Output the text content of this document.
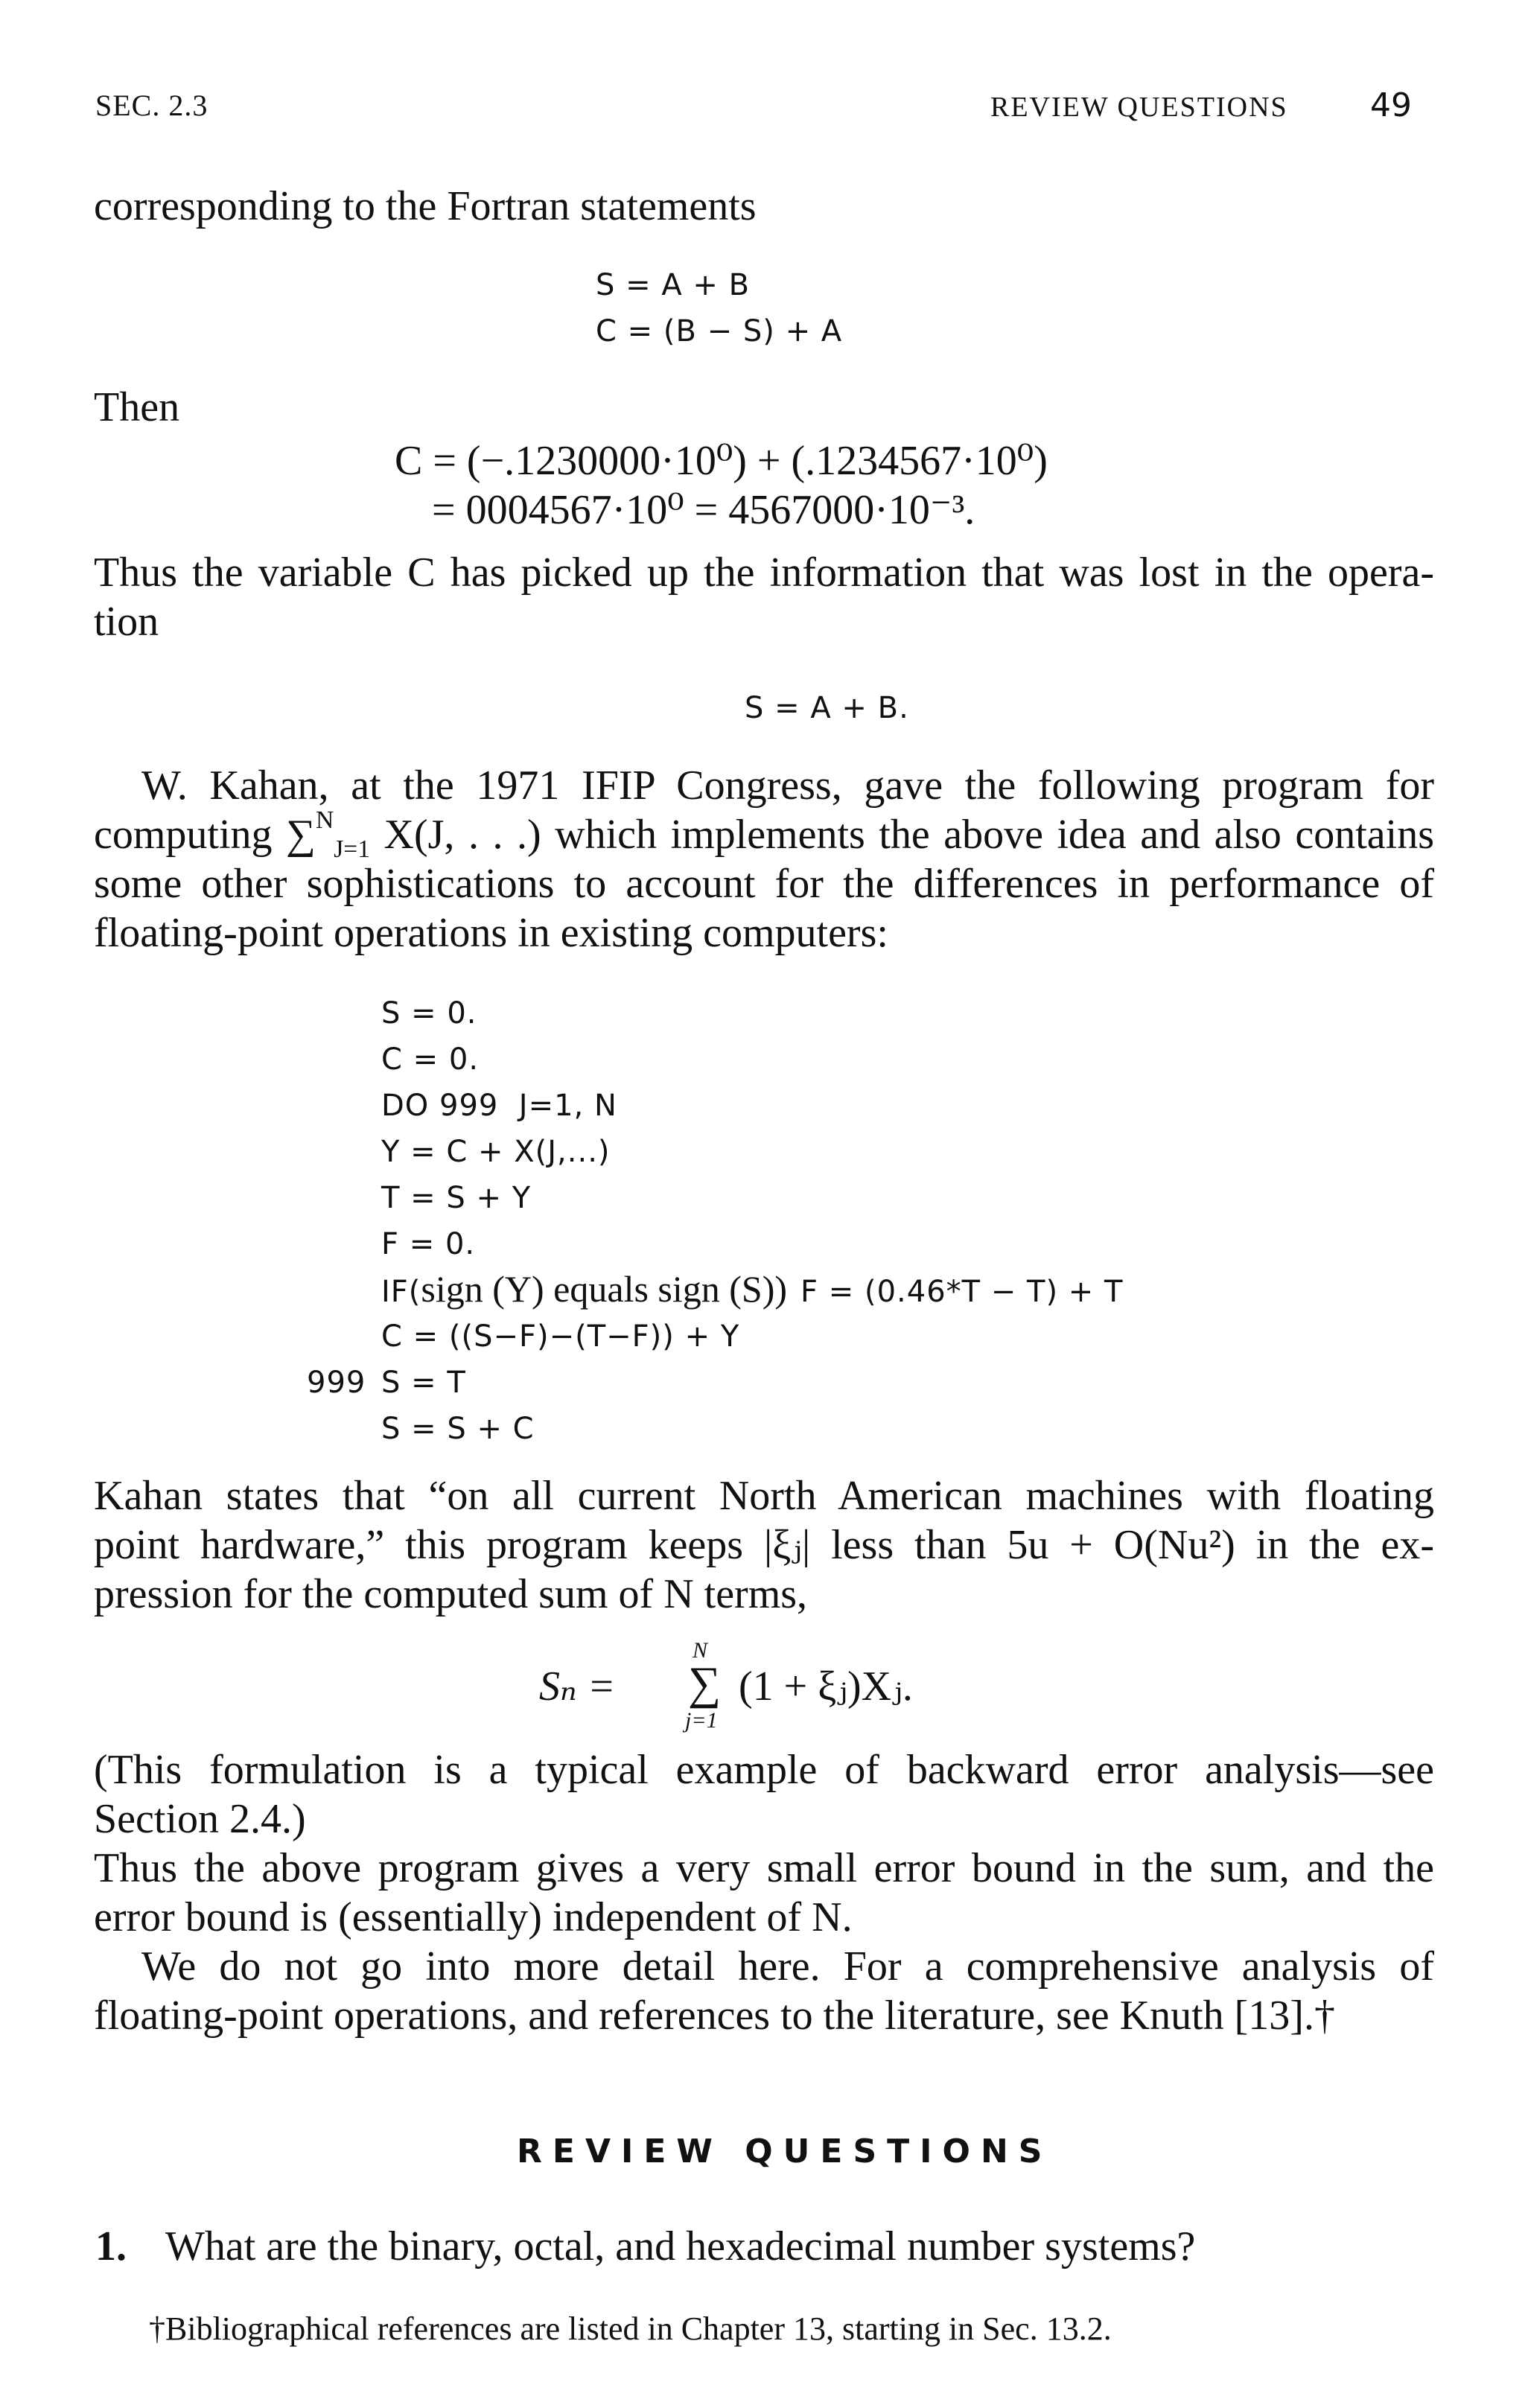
SEC. 2.3	REVIEW QUESTIONS	49
corresponding to the Fortran statements
S = A + B
C = (B − S) + A
Then
C = (−.1230000·10⁰) + (.1234567·10⁰)
= 0004567·10⁰ = 4567000·10⁻³.
Thus the variable C has picked up the information that was lost in the opera-
tion
S = A + B.
W. Kahan, at the 1971 IFIP Congress, gave the following program for
computing ∑$^N_{J=1}$ X(J, . . .) which implements the above idea and also contains
some other sophistications to account for the differences in performance of
floating-point operations in existing computers:
S = 0.
C = 0.
DO 999  J=1, N
Y = C + X(J,...)
T = S + Y
F = 0.
IF(sign (Y) equals sign (S)) F = (0.46*T − T) + T
C = ((S−F)−(T−F)) + Y
999 S = T
S = S + C
Kahan states that “on all current North American machines with floating
point hardware,” this program keeps |ξⱼ| less than 5u + O(Nu²) in the ex-
pression for the computed sum of N terms,
Sₙ = ∑
N
j=1
(1 + ξⱼ)Xⱼ.
(This formulation is a typical example of backward error analysis—see
Section 2.4.)
Thus the above program gives a very small error bound in the sum, and the
error bound is (essentially) independent of N.
We do not go into more detail here. For a comprehensive analysis of
floating-point operations, and references to the literature, see Knuth [13].†
REVIEW QUESTIONS
1. What are the binary, octal, and hexadecimal number systems?
†Bibliographical references are listed in Chapter 13, starting in Sec. 13.2.
